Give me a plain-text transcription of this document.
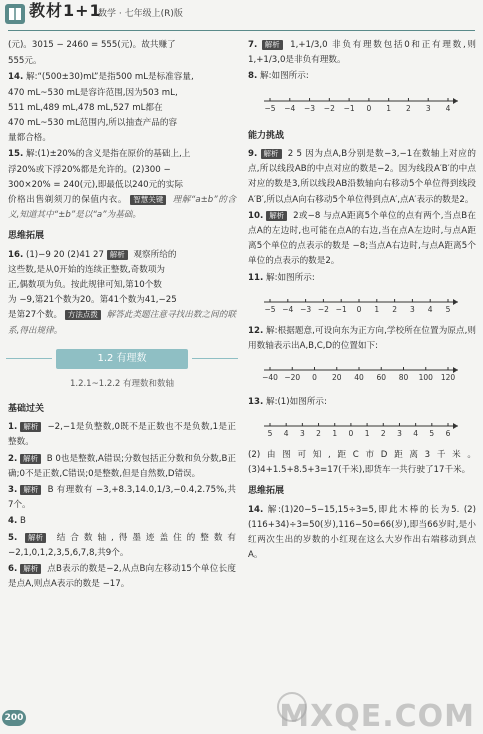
教材1+1
数学 · 七年级上(R)版

(元)。3015 − 2460 = 555(元)。故共赚了

555元。

14. 解:“(500±30)mL”是指500 mL是标准容量,
470 mL~530 mL是容许范围,因为503 mL,
511 mL,489 mL,478 mL,527 mL都在
470 mL~530 mL范围内,所以抽查产品的容
量都合格。

15. 解:(1)±20%的含义是指在原价的基础上,上
浮20%或下浮20%都是允许的。(2)300 −
300×20% = 240(元),即最低以240元的实际
价格出售剃须刀的保值内衣。 智慧关键 理解“a±b”的含义,知道其中“±b”是以“a”为基础。

思维拓展

16. (1)−9 20 (2)41 27 解析 观察所给的
这些数,是从0开始的连续正整数,奇数项为
正,偶数项为负。按此规律可知,第10个数
为 −9,第21个数为20。第41个数为41,−25
是第27个数。 方法点拨 解答此类题注意寻找出数之间的联系,得出规律。

1.2 有理数
1.2.1~1.2.2 有理数和数轴
基础过关

1. 解析 −2,−1是负整数,0既不是正数也不是负数,1是正整数。

2. 解析 B 0也是整数,A错误;分数包括正分数和负分数,B正确;0不是正数,C错误;0是整数,但是自然数,D错误。

3. 解析 B 有理数有 −3,+8.3,14.0,1/3,−0.4,2.75%,共7个。

4. B

5. 解析 结合数轴,得墨迹盖住的整数有 −2,1,0,1,2,3,5,6,7,8,共9个。

6. 解析 点B表示的数是−2,从点B向左移动15个单位长度是点A,则点A表示的数是 −17。

7. 解析 1,+1/3,0 非负有理数包括0和正有理数,则1,+1/3,0是非负有理数。

8. 解:如图所示:

−5 −4 −3 −2 −1 0 1 2 3 4
能力挑战

9. 解析 2 5 因为点A,B分别是数−3,−1在数轴上对应的点,所以线段AB的中点对应的数是−2。因为线段A′B′的中点对应的数是3,所以线段AB沿数轴向右移动5个单位得到线段A′B′,所以点A向右移动5个单位得到点A′,点A′表示的数是2。

10. 解析 2或−8 与点A距离5个单位的点有两个,当点B在点A的左边时,也可能在点A的右边,当在点A左边时,与点A距离5个单位的点表示的数是 −8;当点A右边时,与点A距离5个单位的点表示的数是2。

11. 解:如图所示:

−5 −4 −3 −2 −1 0 1 2 3 4 5

12. 解:根据题意,可设向东为正方向,学校所在位置为原点,则用数轴表示出A,B,C,D的位置如下:

−40 −20 0 20 40 60 80 100 120

13. 解:(1)如图所示:

5 4 3 2 1 0 1 2 3 4 5 6

(2)由图可知,距C市D距离3千米。 (3)4+1.5+8.5+3=17(千米),即货车一共行驶了17千米。

思维拓展

14. 解:(1)20−5−15,15÷3=5,即此木棒的长为5. (2)(116+34)÷3=50(岁),116−50=66(岁),即当66岁时,是小红两次生出的岁数的小红现在这么大岁作出右端移动到点A。

200	MXQE.COM
